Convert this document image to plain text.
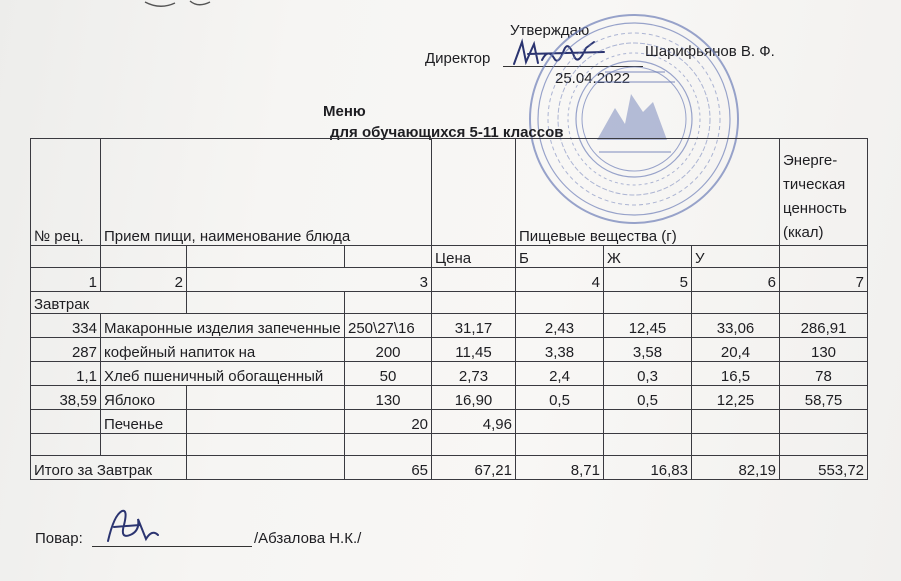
Утверждаю
Директор	Шарифьянов В. Ф.
25.04.2022
Меню
для обучающихся 5-11 классов
№ рец.	Прием пищи, наименование блюда				Пищевые вещества (г)			Энерге-тическая ценность (ккал)
				Цена	Б	Ж	У	
1	2	3			4	5	6	7
Завтрак								
334	Макаронные изделия запеченные		250\27\16	31,17	2,43	12,45	33,06	286,91
287	кофейный напиток на		200	11,45	3,38	3,58	20,4	130
1,1	Хлеб пшеничный обогащенный		50	2,73	2,4	0,3	16,5	78
38,59	Яблоко		130	16,90	0,5	0,5	12,25	58,75
	Печенье		20	4,96				

Итого за Завтрак			65	67,21	8,71	16,83	82,19	553,72
Повар:	/Абзалова Н.К./
